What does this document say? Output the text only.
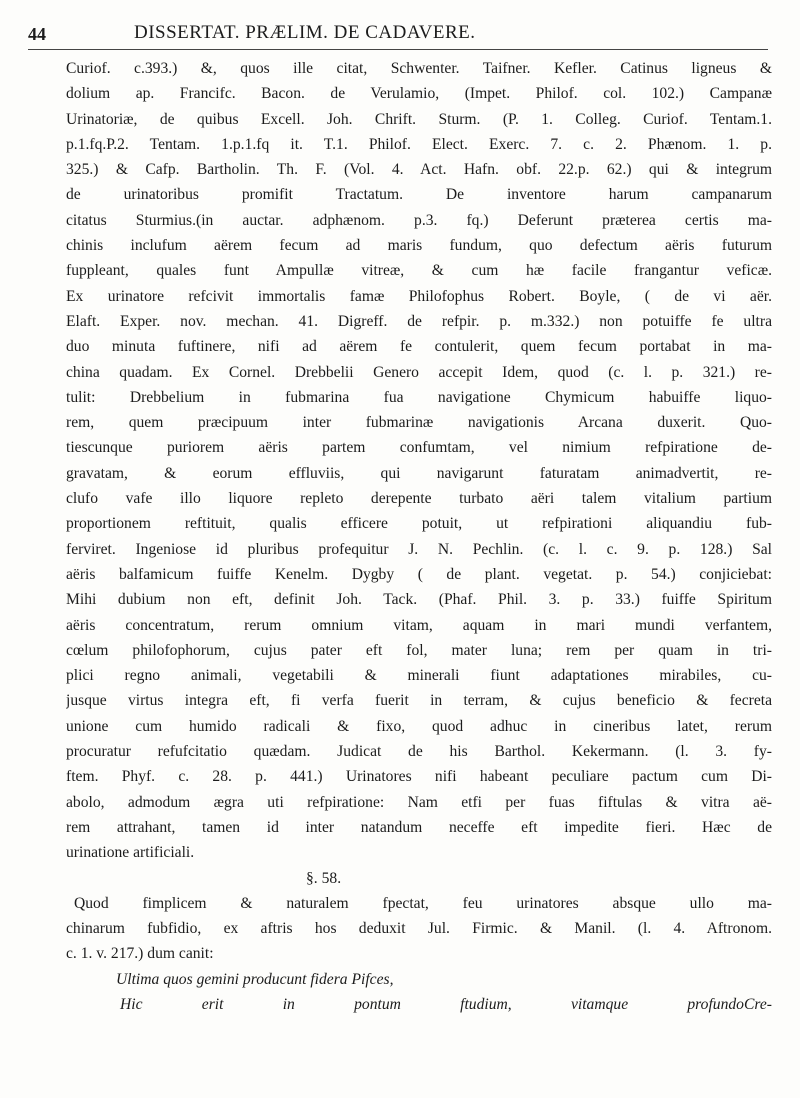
44	DISSERTAT. PRÆLIM. DE CADAVERE.
Curiof. c.393.) &, quos ille citat, Schwenter. Taifner. Kefler. Catinus ligneus &
dolium ap. Francifc. Bacon. de Verulamio, (Impet. Philof. col. 102.) Campanæ
Urinatoriæ, de quibus Excell. Joh. Chrift. Sturm. (P. 1. Colleg. Curiof. Tentam.1.
p.1.fq.P.2. Tentam. 1.p.1.fq it. T.1. Philof. Elect. Exerc. 7. c. 2. Phænom. 1. p.
325.) & Cafp. Bartholin. Th. F. (Vol. 4. Act. Hafn. obf. 22.p. 62.) qui & integrum
de urinatoribus promifit Tractatum. De inventore harum campanarum
citatus Sturmius.(in auctar. adphænom. p.3. fq.) Deferunt præterea certis ma-
chinis inclufum aërem fecum ad maris fundum, quo defectum aëris futurum
fuppleant, quales funt Ampullæ vitreæ, & cum hæ facile frangantur veficæ.
Ex urinatore refcivit immortalis famæ Philofophus Robert. Boyle, ( de vi aër.
Elaft. Exper. nov. mechan. 41. Digreff. de refpir. p. m.332.) non potuiffe fe ultra
duo minuta fuftinere, nifi ad aërem fe contulerit, quem fecum portabat in ma-
china quadam. Ex Cornel. Drebbelii Genero accepit Idem, quod (c. l. p. 321.) re-
tulit: Drebbelium in fubmarina fua navigatione Chymicum habuiffe liquo-
rem, quem præcipuum inter fubmarinæ navigationis Arcana duxerit. Quo-
tiescunque puriorem aëris partem confumtam, vel nimium refpiratione de-
gravatam, & eorum effluviis, qui navigarunt faturatam animadvertit, re-
clufo vafe illo liquore repleto derepente turbato aëri talem vitalium partium
proportionem reftituit, qualis efficere potuit, ut refpirationi aliquandiu fub-
ferviret. Ingeniose id pluribus profequitur J. N. Pechlin. (c. l. c. 9. p. 128.) Sal
aëris balfamicum fuiffe Kenelm. Dygby ( de plant. vegetat. p. 54.) conjiciebat:
Mihi dubium non eft, definit Joh. Tack. (Phaf. Phil. 3. p. 33.) fuiffe Spiritum
aëris concentratum, rerum omnium vitam, aquam in mari mundi verfantem,
cœlum philofophorum, cujus pater eft fol, mater luna; rem per quam in tri-
plici regno animali, vegetabili & minerali fiunt adaptationes mirabiles, cu-
jusque virtus integra eft, fi verfa fuerit in terram, & cujus beneficio & fecreta
unione cum humido radicali & fixo, quod adhuc in cineribus latet, rerum
procuratur refufcitatio quædam. Judicat de his Barthol. Kekermann. (l. 3. fy-
ftem. Phyf. c. 28. p. 441.) Urinatores nifi habeant peculiare pactum cum Di-
abolo, admodum ægra uti refpiratione: Nam etfi per fuas fiftulas & vitra aë-
rem attrahant, tamen id inter natandum neceffe eft impedite fieri. Hæc de
urinatione artificiali.
§. 58.
Quod fimplicem & naturalem fpectat, feu urinatores absque ullo ma-
chinarum fubfidio, ex aftris hos deduxit Jul. Firmic. & Manil. (l. 4. Aftronom.
c. 1. v. 217.) dum canit:
Ultima quos gemini producunt fidera Pifces,
Hic erit in pontum ftudium, vitamque profundo Cre-
